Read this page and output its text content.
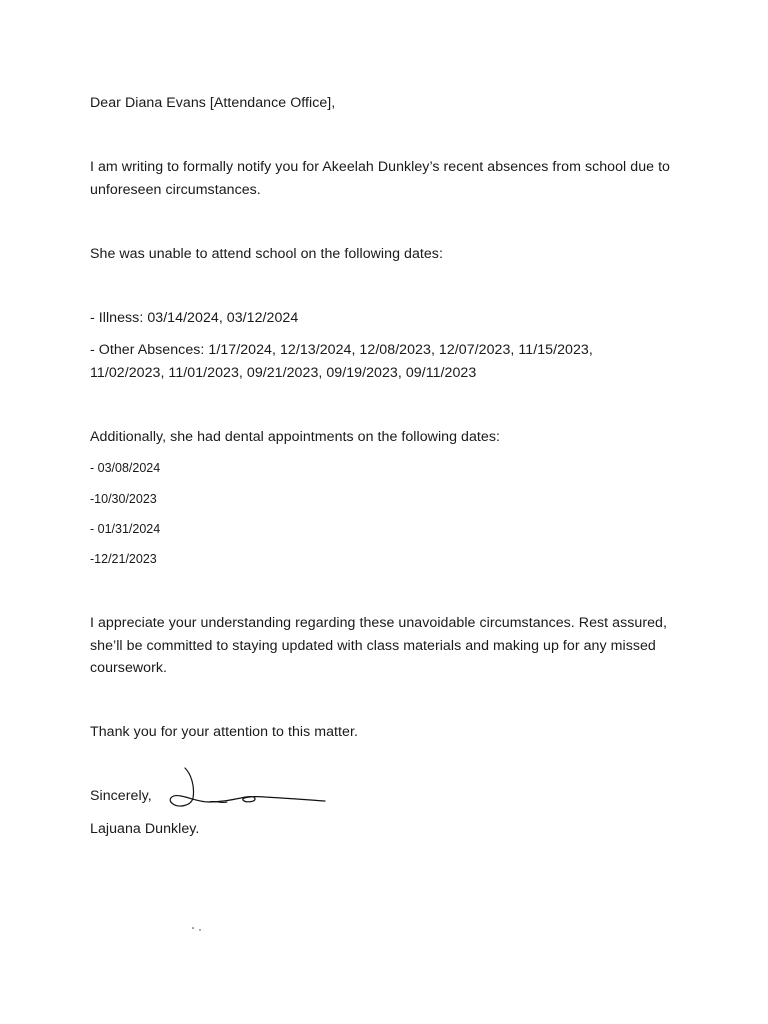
Dear Diana Evans [Attendance Office],
I am writing to formally notify you for Akeelah Dunkley’s recent absences from school due to unforeseen circumstances.
She was unable to attend school on the following dates:
- Illness: 03/14/2024, 03/12/2024
- Other Absences: 1/17/2024, 12/13/2024, 12/08/2023, 12/07/2023, 11/15/2023, 11/02/2023, 11/01/2023, 09/21/2023, 09/19/2023, 09/11/2023
Additionally, she had dental appointments on the following dates:
- 03/08/2024
-10/30/2023
- 01/31/2024
-12/21/2023
I appreciate your understanding regarding these unavoidable circumstances. Rest assured, she’ll be committed to staying updated with class materials and making up for any missed coursework.
Thank you for your attention to this matter.
Sincerely,
Lajuana Dunkley.
